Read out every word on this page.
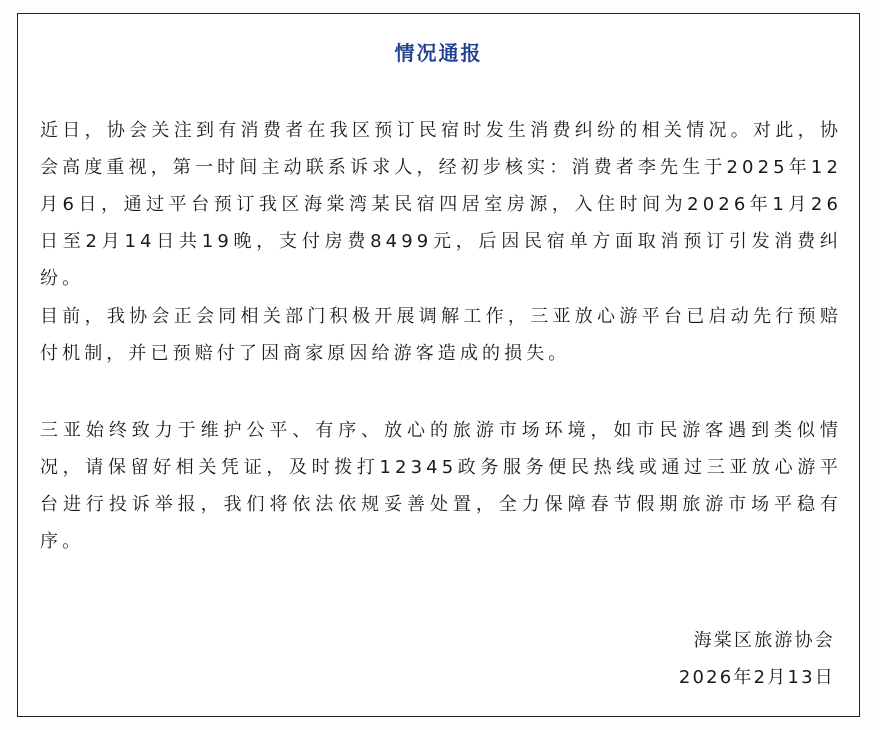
情况通报

近日，协会关注到有消费者在我区预订民宿时发生消费纠纷的相关情况。对此，协会高度重视，第一时间主动联系诉求人，经初步核实：消费者李先生于2025年12月6日，通过平台预订我区海棠湾某民宿四居室房源，入住时间为2026年1月26日至2月14日共19晚，支付房费8499元，后因民宿单方面取消预订引发消费纠纷。

目前，我协会正会同相关部门积极开展调解工作，三亚放心游平台已启动先行预赔付机制，并已预赔付了因商家原因给游客造成的损失。

三亚始终致力于维护公平、有序、放心的旅游市场环境，如市民游客遇到类似情况，请保留好相关凭证，及时拨打12345政务服务便民热线或通过三亚放心游平台进行投诉举报，我们将依法依规妥善处置，全力保障春节假期旅游市场平稳有序。

海棠区旅游协会
2026年2月13日
